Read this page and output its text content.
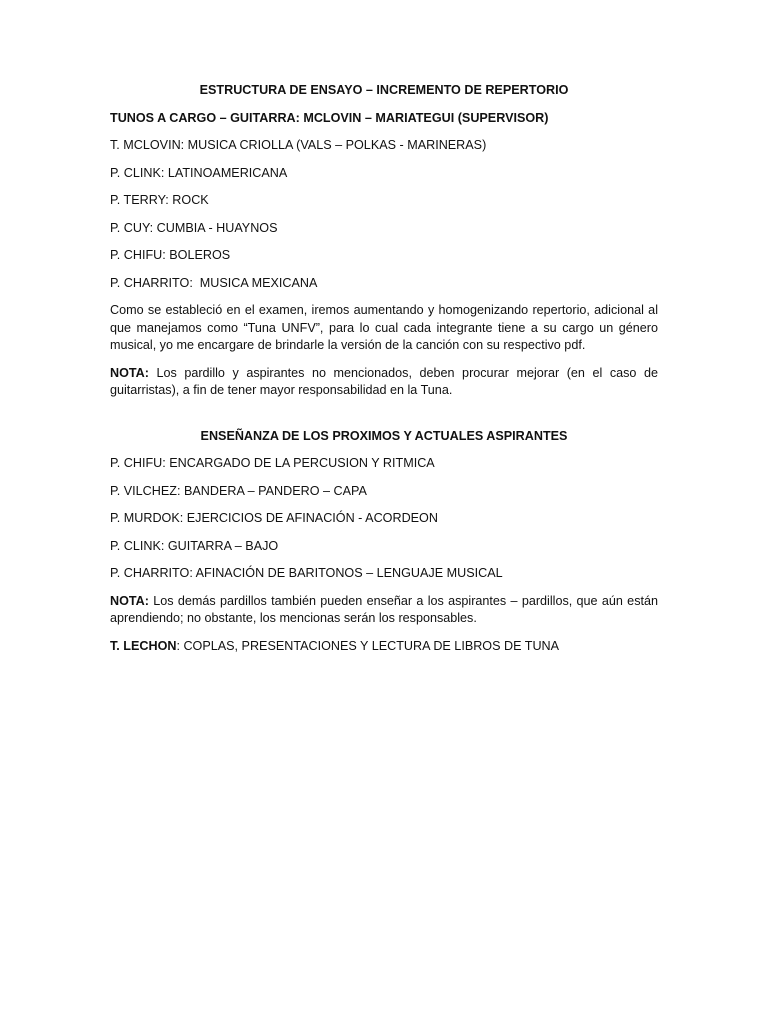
ESTRUCTURA DE ENSAYO – INCREMENTO DE REPERTORIO
TUNOS A CARGO – GUITARRA: MCLOVIN – MARIATEGUI (SUPERVISOR)
T. MCLOVIN: MUSICA CRIOLLA (VALS – POLKAS - MARINERAS)
P. CLINK: LATINOAMERICANA
P. TERRY: ROCK
P. CUY: CUMBIA - HUAYNOS
P. CHIFU: BOLEROS
P. CHARRITO:  MUSICA MEXICANA
Como se estableció en el examen, iremos aumentando y homogenizando repertorio, adicional al que manejamos como “Tuna UNFV”, para lo cual cada integrante tiene a su cargo un género musical, yo me encargare de brindarle la versión de la canción con su respectivo pdf.
NOTA: Los pardillo y aspirantes no mencionados, deben procurar mejorar (en el caso de guitarristas), a fin de tener mayor responsabilidad en la Tuna.
ENSEÑANZA DE LOS PROXIMOS Y ACTUALES ASPIRANTES
P. CHIFU: ENCARGADO DE LA PERCUSION Y RITMICA
P. VILCHEZ: BANDERA – PANDERO – CAPA
P. MURDOK: EJERCICIOS DE AFINACIÓN - ACORDEON
P. CLINK: GUITARRA – BAJO
P. CHARRITO: AFINACIÓN DE BARITONOS – LENGUAJE MUSICAL
NOTA: Los demás pardillos también pueden enseñar a los aspirantes – pardillos, que aún están aprendiendo; no obstante, los mencionas serán los responsables.
T. LECHON: COPLAS, PRESENTACIONES Y LECTURA DE LIBROS DE TUNA
